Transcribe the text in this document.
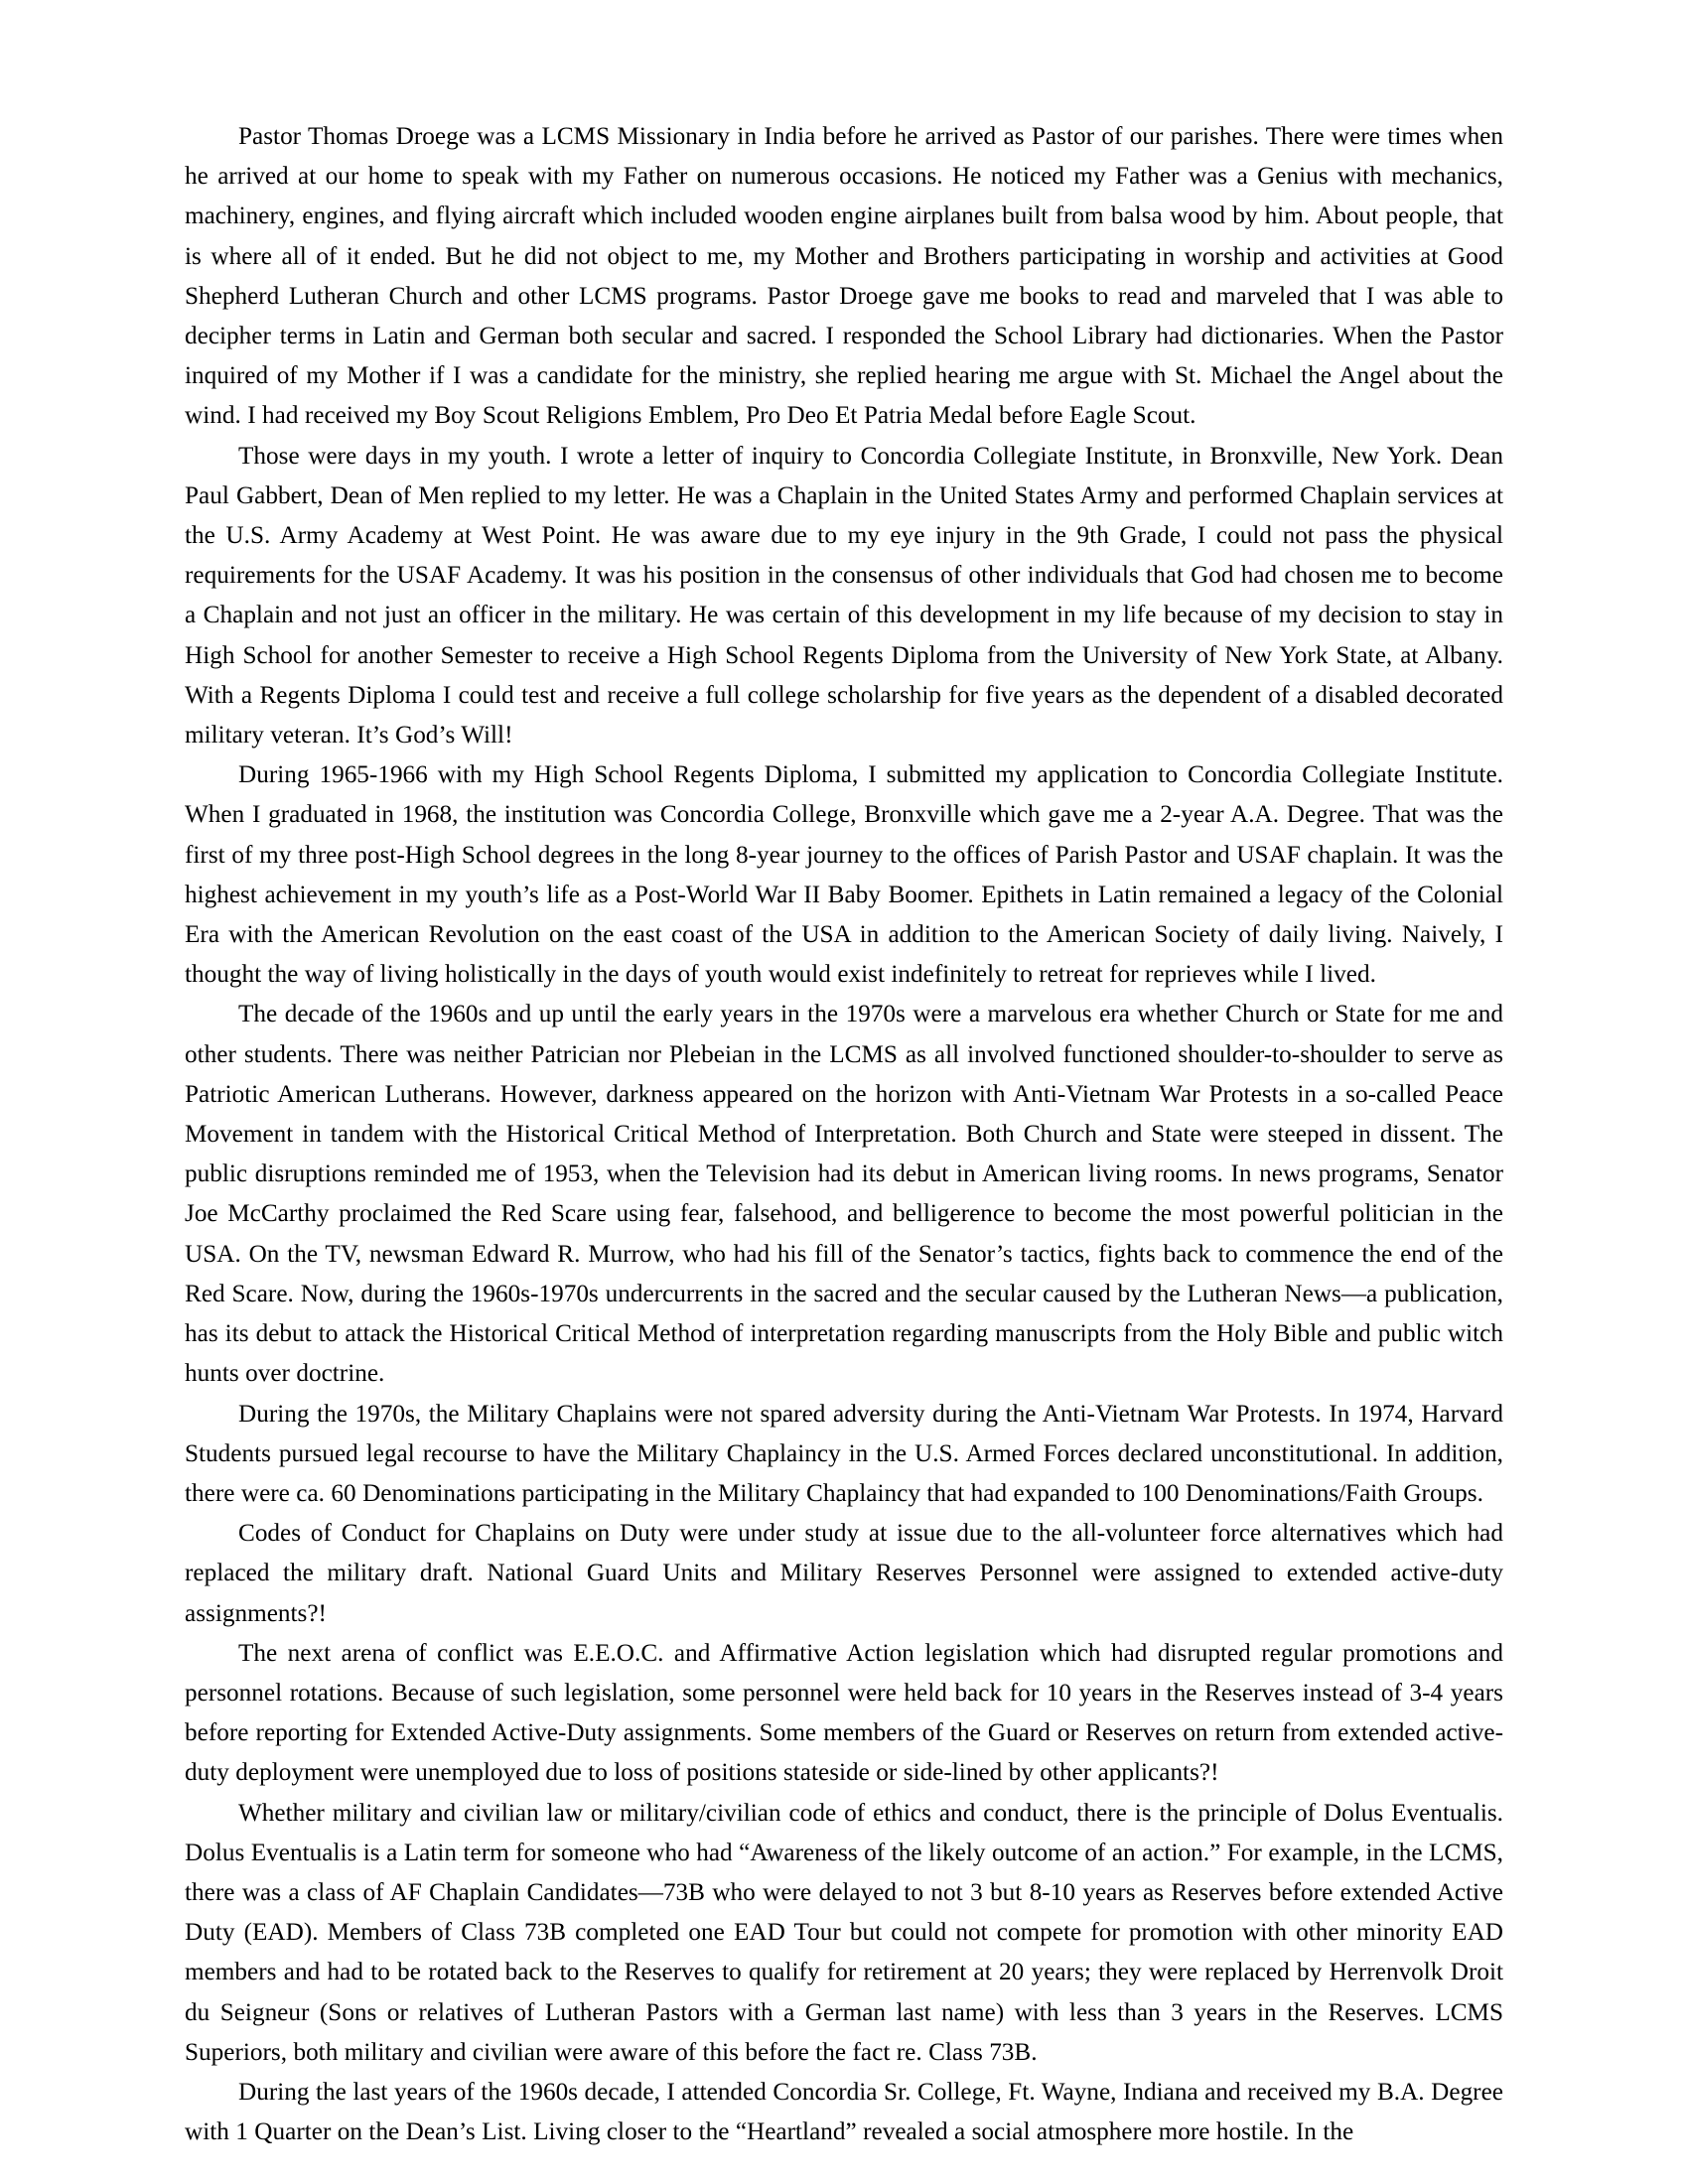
Pastor Thomas Droege was a LCMS Missionary in India before he arrived as Pastor of our parishes. There were times when he arrived at our home to speak with my Father on numerous occasions. He noticed my Father was a Genius with mechanics, machinery, engines, and flying aircraft which included wooden engine airplanes built from balsa wood by him. About people, that is where all of it ended. But he did not object to me, my Mother and Brothers participating in worship and activities at Good Shepherd Lutheran Church and other LCMS programs. Pastor Droege gave me books to read and marveled that I was able to decipher terms in Latin and German both secular and sacred. I responded the School Library had dictionaries. When the Pastor inquired of my Mother if I was a candidate for the ministry, she replied hearing me argue with St. Michael the Angel about the wind. I had received my Boy Scout Religions Emblem, Pro Deo Et Patria Medal before Eagle Scout.

Those were days in my youth. I wrote a letter of inquiry to Concordia Collegiate Institute, in Bronxville, New York. Dean Paul Gabbert, Dean of Men replied to my letter. He was a Chaplain in the United States Army and performed Chaplain services at the U.S. Army Academy at West Point. He was aware due to my eye injury in the 9th Grade, I could not pass the physical requirements for the USAF Academy. It was his position in the consensus of other individuals that God had chosen me to become a Chaplain and not just an officer in the military. He was certain of this development in my life because of my decision to stay in High School for another Semester to receive a High School Regents Diploma from the University of New York State, at Albany. With a Regents Diploma I could test and receive a full college scholarship for five years as the dependent of a disabled decorated military veteran. It’s God’s Will!

During 1965-1966 with my High School Regents Diploma, I submitted my application to Concordia Collegiate Institute. When I graduated in 1968, the institution was Concordia College, Bronxville which gave me a 2-year A.A. Degree. That was the first of my three post-High School degrees in the long 8-year journey to the offices of Parish Pastor and USAF chaplain. It was the highest achievement in my youth’s life as a Post-World War II Baby Boomer. Epithets in Latin remained a legacy of the Colonial Era with the American Revolution on the east coast of the USA in addition to the American Society of daily living. Naively, I thought the way of living holistically in the days of youth would exist indefinitely to retreat for reprieves while I lived.

The decade of the 1960s and up until the early years in the 1970s were a marvelous era whether Church or State for me and other students. There was neither Patrician nor Plebeian in the LCMS as all involved functioned shoulder-to-shoulder to serve as Patriotic American Lutherans. However, darkness appeared on the horizon with Anti-Vietnam War Protests in a so-called Peace Movement in tandem with the Historical Critical Method of Interpretation. Both Church and State were steeped in dissent. The public disruptions reminded me of 1953, when the Television had its debut in American living rooms. In news programs, Senator Joe McCarthy proclaimed the Red Scare using fear, falsehood, and belligerence to become the most powerful politician in the USA. On the TV, newsman Edward R. Murrow, who had his fill of the Senator’s tactics, fights back to commence the end of the Red Scare. Now, during the 1960s-1970s undercurrents in the sacred and the secular caused by the Lutheran News—a publication, has its debut to attack the Historical Critical Method of interpretation regarding manuscripts from the Holy Bible and public witch hunts over doctrine.

During the 1970s, the Military Chaplains were not spared adversity during the Anti-Vietnam War Protests. In 1974, Harvard Students pursued legal recourse to have the Military Chaplaincy in the U.S. Armed Forces declared unconstitutional. In addition, there were ca. 60 Denominations participating in the Military Chaplaincy that had expanded to 100 Denominations/Faith Groups.

Codes of Conduct for Chaplains on Duty were under study at issue due to the all-volunteer force alternatives which had replaced the military draft. National Guard Units and Military Reserves Personnel were assigned to extended active-duty assignments?!

The next arena of conflict was E.E.O.C. and Affirmative Action legislation which had disrupted regular promotions and personnel rotations. Because of such legislation, some personnel were held back for 10 years in the Reserves instead of 3-4 years before reporting for Extended Active-Duty assignments. Some members of the Guard or Reserves on return from extended active-duty deployment were unemployed due to loss of positions stateside or side-lined by other applicants?!

Whether military and civilian law or military/civilian code of ethics and conduct, there is the principle of Dolus Eventualis. Dolus Eventualis is a Latin term for someone who had “Awareness of the likely outcome of an action.” For example, in the LCMS, there was a class of AF Chaplain Candidates—73B who were delayed to not 3 but 8-10 years as Reserves before extended Active Duty (EAD). Members of Class 73B completed one EAD Tour but could not compete for promotion with other minority EAD members and had to be rotated back to the Reserves to qualify for retirement at 20 years; they were replaced by Herrenvolk Droit du Seigneur (Sons or relatives of Lutheran Pastors with a German last name) with less than 3 years in the Reserves. LCMS Superiors, both military and civilian were aware of this before the fact re. Class 73B.

During the last years of the 1960s decade, I attended Concordia Sr. College, Ft. Wayne, Indiana and received my B.A. Degree with 1 Quarter on the Dean’s List. Living closer to the “Heartland” revealed a social atmosphere more hostile. In the
